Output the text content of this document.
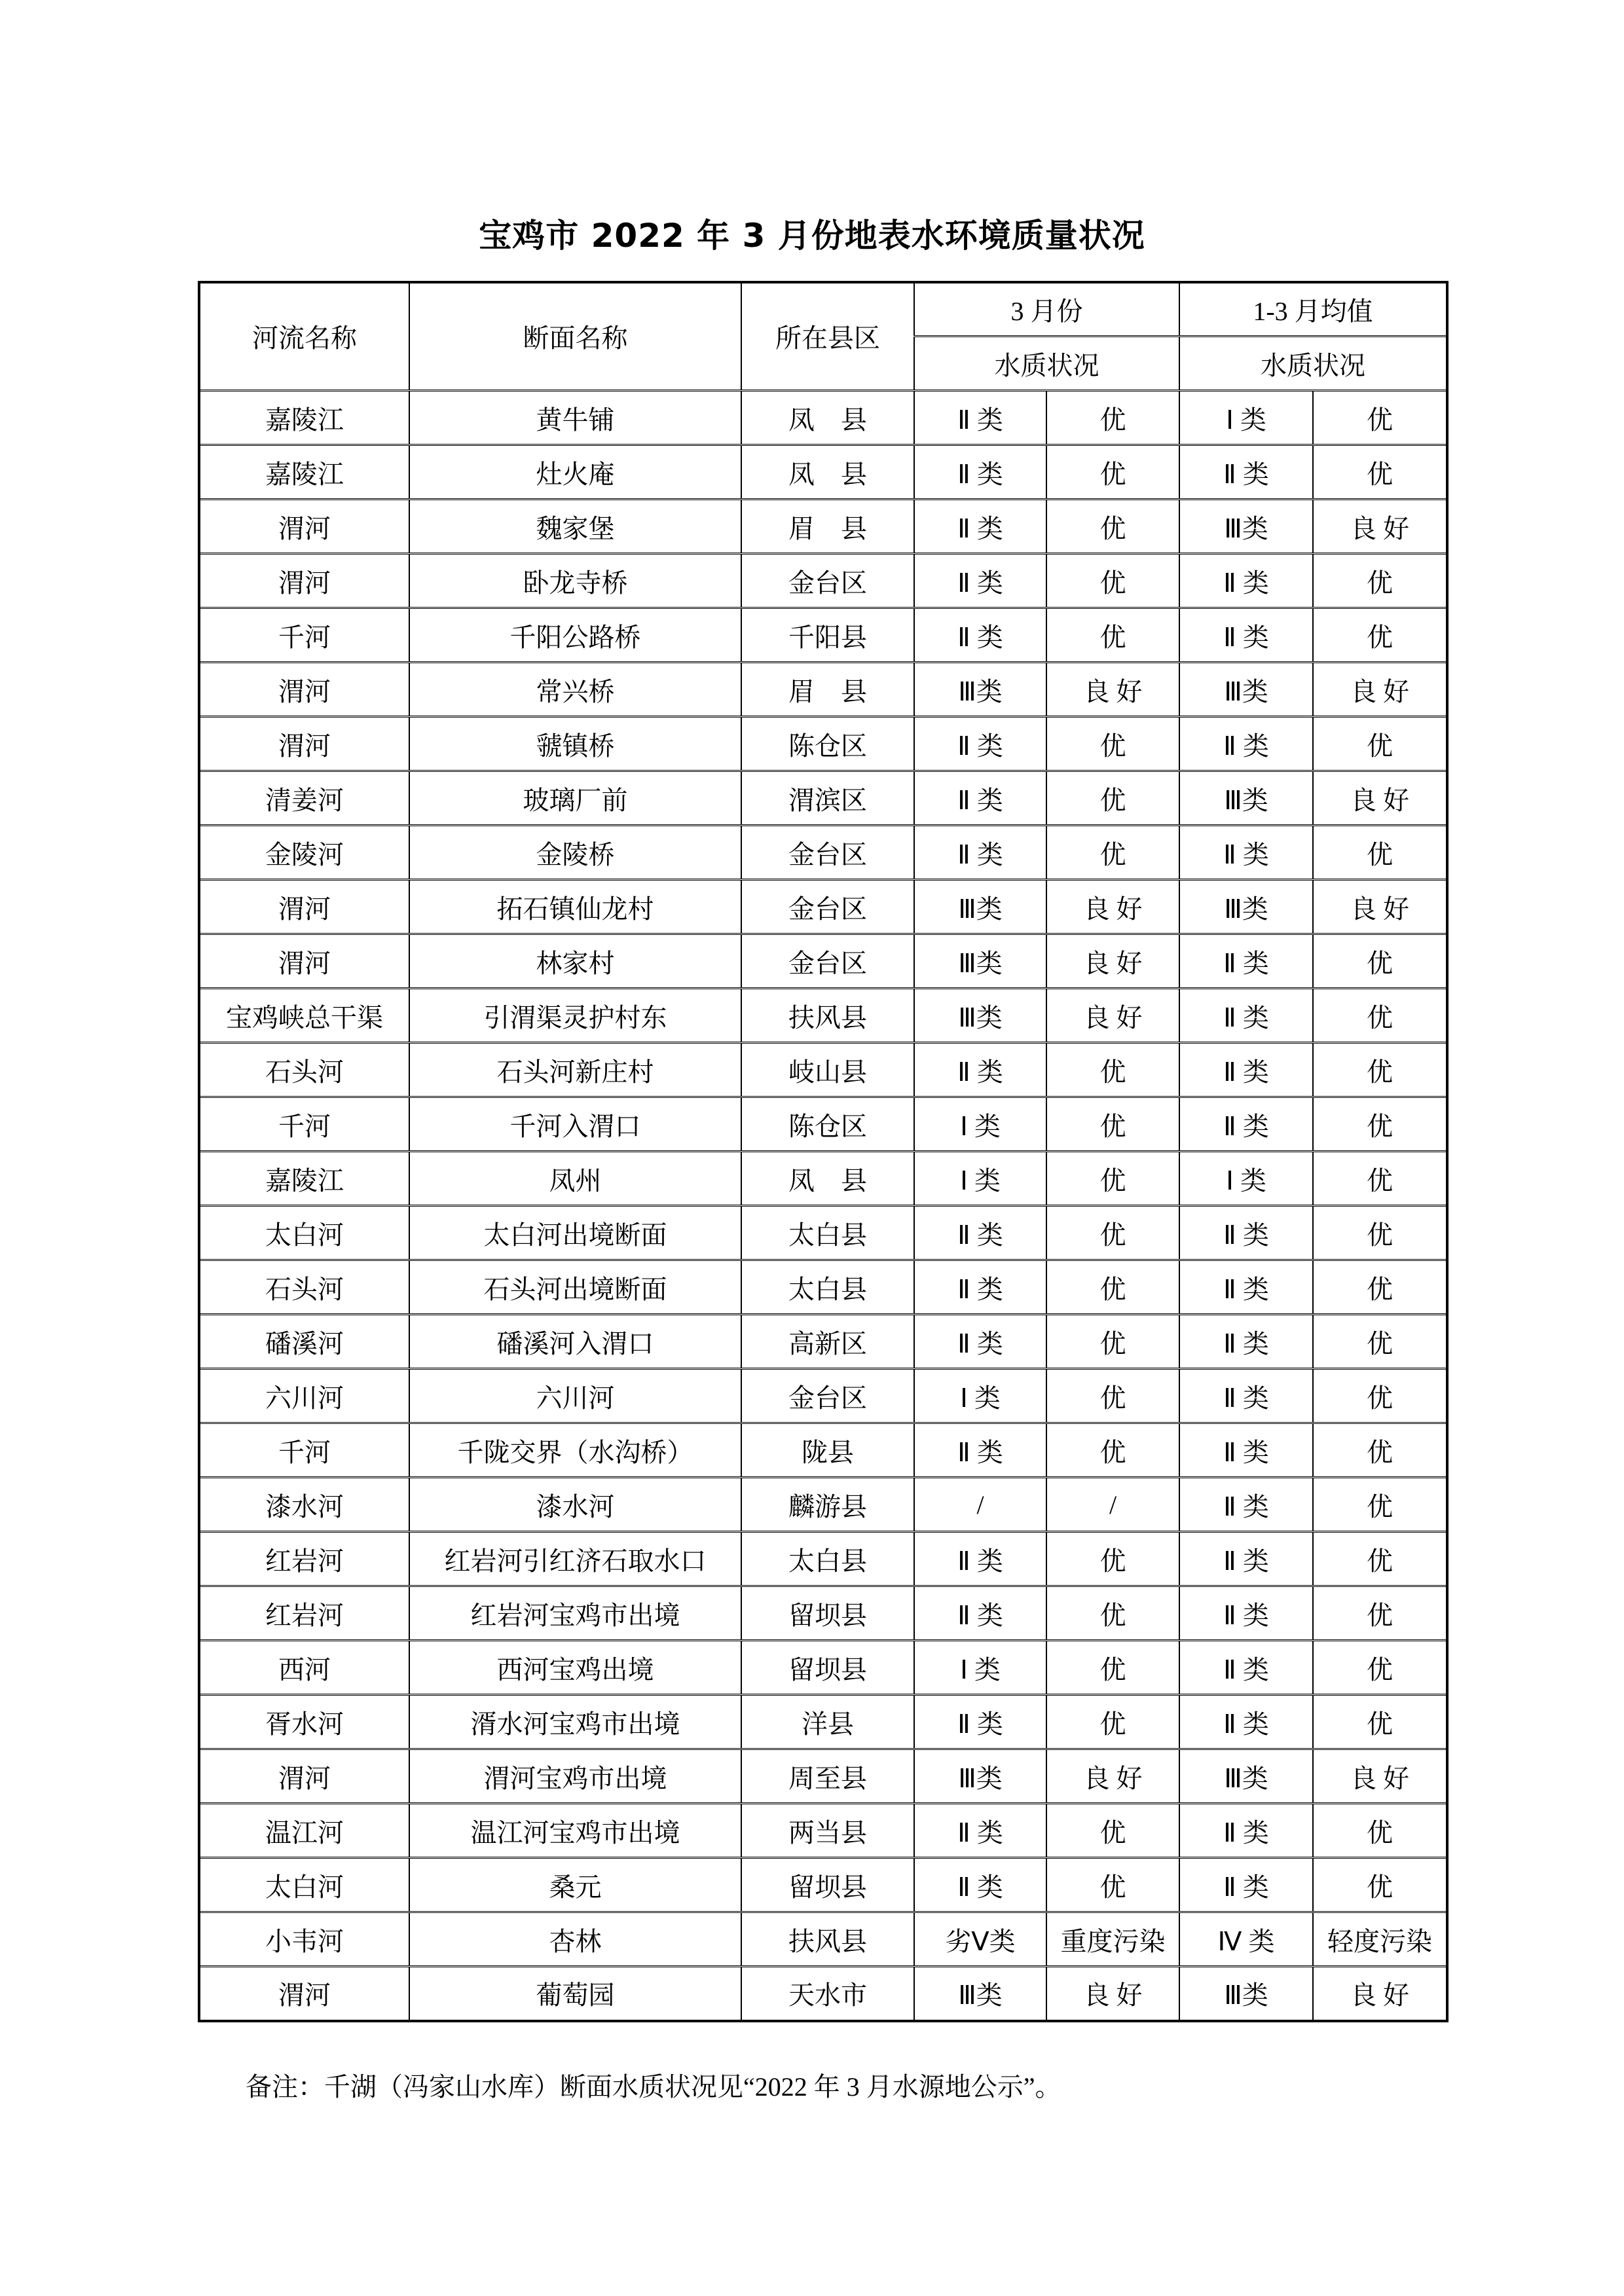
宝鸡市 2022 年 3 月份地表水环境质量状况
河流名称	断面名称	所在县区	3 月份		1-3 月均值	
			水质状况		水质状况	
嘉陵江	黄牛铺	凤　县	Ⅱ 类	优	Ⅰ 类	优
嘉陵江	灶火庵	凤　县	Ⅱ 类	优	Ⅱ 类	优
渭河	魏家堡	眉　县	Ⅱ 类	优	Ⅲ类	良 好
渭河	卧龙寺桥	金台区	Ⅱ 类	优	Ⅱ 类	优
千河	千阳公路桥	千阳县	Ⅱ 类	优	Ⅱ 类	优
渭河	常兴桥	眉　县	Ⅲ类	良 好	Ⅲ类	良 好
渭河	虢镇桥	陈仓区	Ⅱ 类	优	Ⅱ 类	优
清姜河	玻璃厂前	渭滨区	Ⅱ 类	优	Ⅲ类	良 好
金陵河	金陵桥	金台区	Ⅱ 类	优	Ⅱ 类	优
渭河	拓石镇仙龙村	金台区	Ⅲ类	良 好	Ⅲ类	良 好
渭河	林家村	金台区	Ⅲ类	良 好	Ⅱ 类	优
宝鸡峡总干渠	引渭渠灵护村东	扶风县	Ⅲ类	良 好	Ⅱ 类	优
石头河	石头河新庄村	岐山县	Ⅱ 类	优	Ⅱ 类	优
千河	千河入渭口	陈仓区	Ⅰ 类	优	Ⅱ 类	优
嘉陵江	凤州	凤　县	Ⅰ 类	优	Ⅰ 类	优
太白河	太白河出境断面	太白县	Ⅱ 类	优	Ⅱ 类	优
石头河	石头河出境断面	太白县	Ⅱ 类	优	Ⅱ 类	优
磻溪河	磻溪河入渭口	高新区	Ⅱ 类	优	Ⅱ 类	优
六川河	六川河	金台区	Ⅰ 类	优	Ⅱ 类	优
千河	千陇交界（水沟桥）	陇县	Ⅱ 类	优	Ⅱ 类	优
漆水河	漆水河	麟游县	/	/	Ⅱ 类	优
红岩河	红岩河引红济石取水口	太白县	Ⅱ 类	优	Ⅱ 类	优
红岩河	红岩河宝鸡市出境	留坝县	Ⅱ 类	优	Ⅱ 类	优
西河	西河宝鸡出境	留坝县	Ⅰ 类	优	Ⅱ 类	优
胥水河	湑水河宝鸡市出境	洋县	Ⅱ 类	优	Ⅱ 类	优
渭河	渭河宝鸡市出境	周至县	Ⅲ类	良 好	Ⅲ类	良 好
温江河	温江河宝鸡市出境	两当县	Ⅱ 类	优	Ⅱ 类	优
太白河	桑元	留坝县	Ⅱ 类	优	Ⅱ 类	优
小韦河	杏林	扶风县	劣Ⅴ类	重度污染	Ⅳ 类	轻度污染
渭河	葡萄园	天水市	Ⅲ类	良 好	Ⅲ类	良 好

备注：千湖（冯家山水库）断面水质状况见“2022 年 3 月水源地公示”。
